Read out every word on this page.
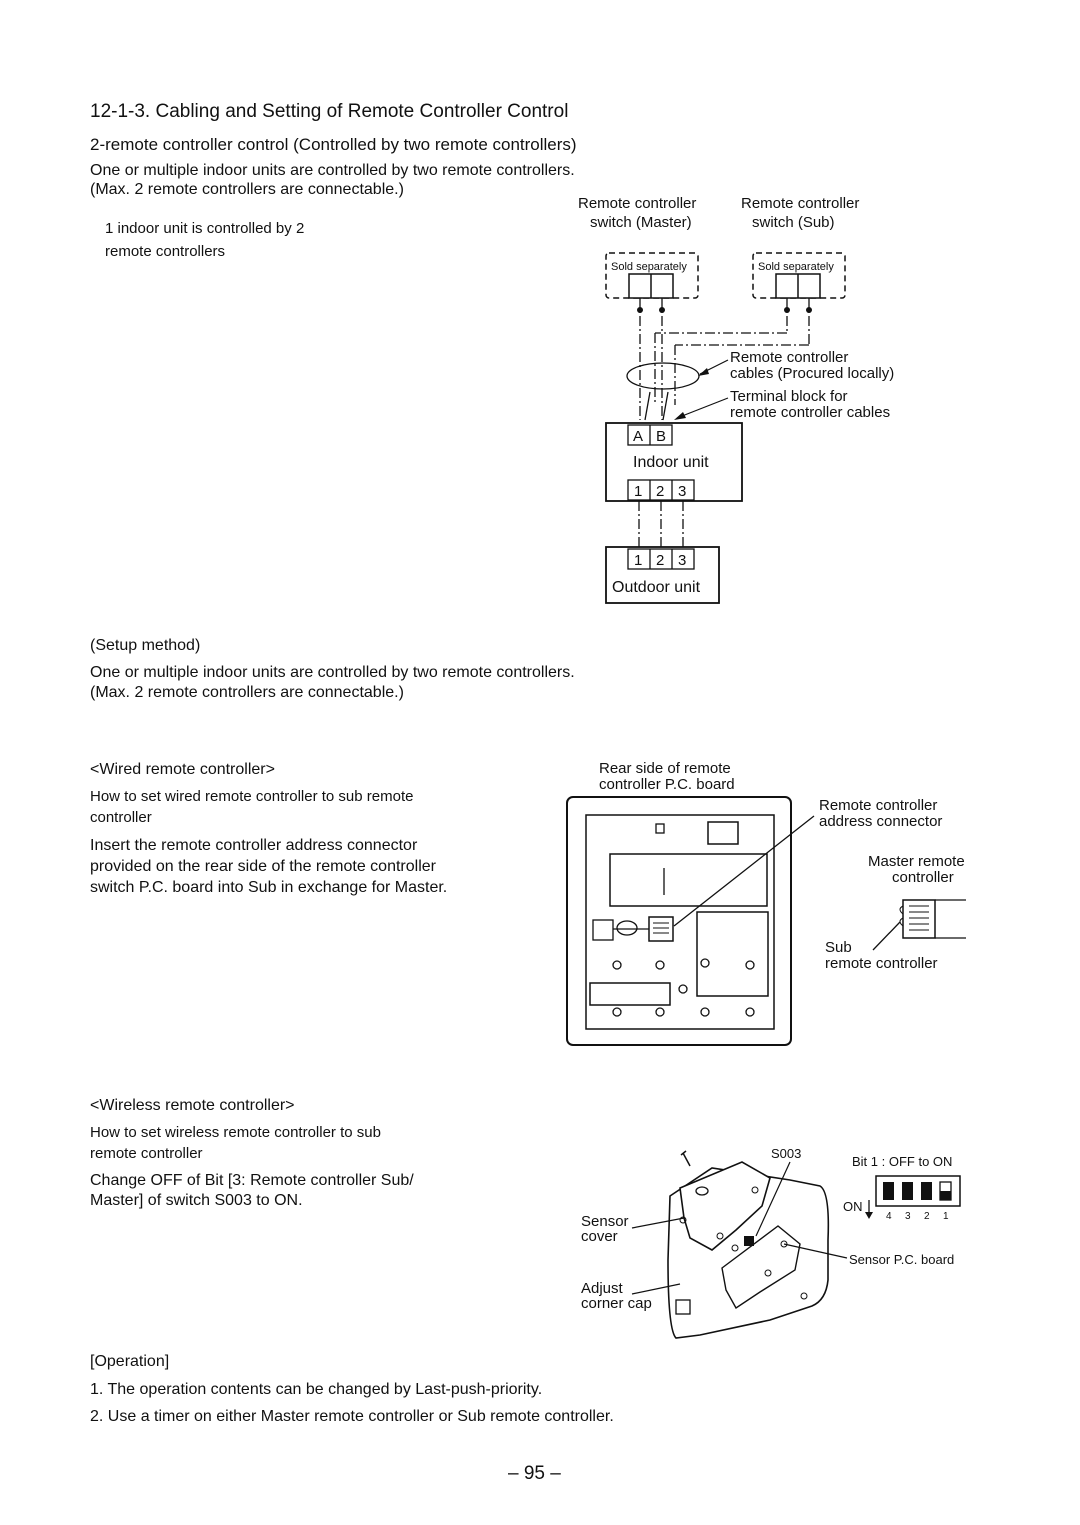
12-1-3. Cabling and Setting of Remote Controller Control
2-remote controller control (Controlled by two remote controllers)
One or multiple indoor units are controlled by two remote controllers.
(Max. 2 remote controllers are connectable.)
1 indoor unit is controlled by 2
remote controllers
Remote controller
switch (Master)
Remote controller
switch (Sub)
Sold separately	Sold separately
Remote controller
cables (Procured locally)
Terminal block for
remote controller cables
A B
Indoor unit
1 2 3
1 2 3
Outdoor unit
(Setup method)
One or multiple indoor units are controlled by two remote controllers.
(Max. 2 remote controllers are connectable.)
<Wired remote controller>
How to set wired remote controller to sub remote
controller
Insert the remote controller address connector
provided on the rear side of the remote controller
switch P.C. board into Sub in exchange for Master.
Rear side of remote
controller P.C. board
Remote controller
address connector
Master remote
controller
Sub
remote controller
<Wireless remote controller>
How to set wireless remote controller to sub
remote controller
Change OFF of Bit [3: Remote controller Sub/
Master] of switch S003 to ON.
S003
Bit 1 : OFF to ON
ON
4 3 2 1
Sensor
cover
Adjust
corner cap
Sensor P.C. board
[Operation]
1. The operation contents can be changed by Last-push-priority.
2. Use a timer on either Master remote controller or Sub remote controller.
– 95 –
